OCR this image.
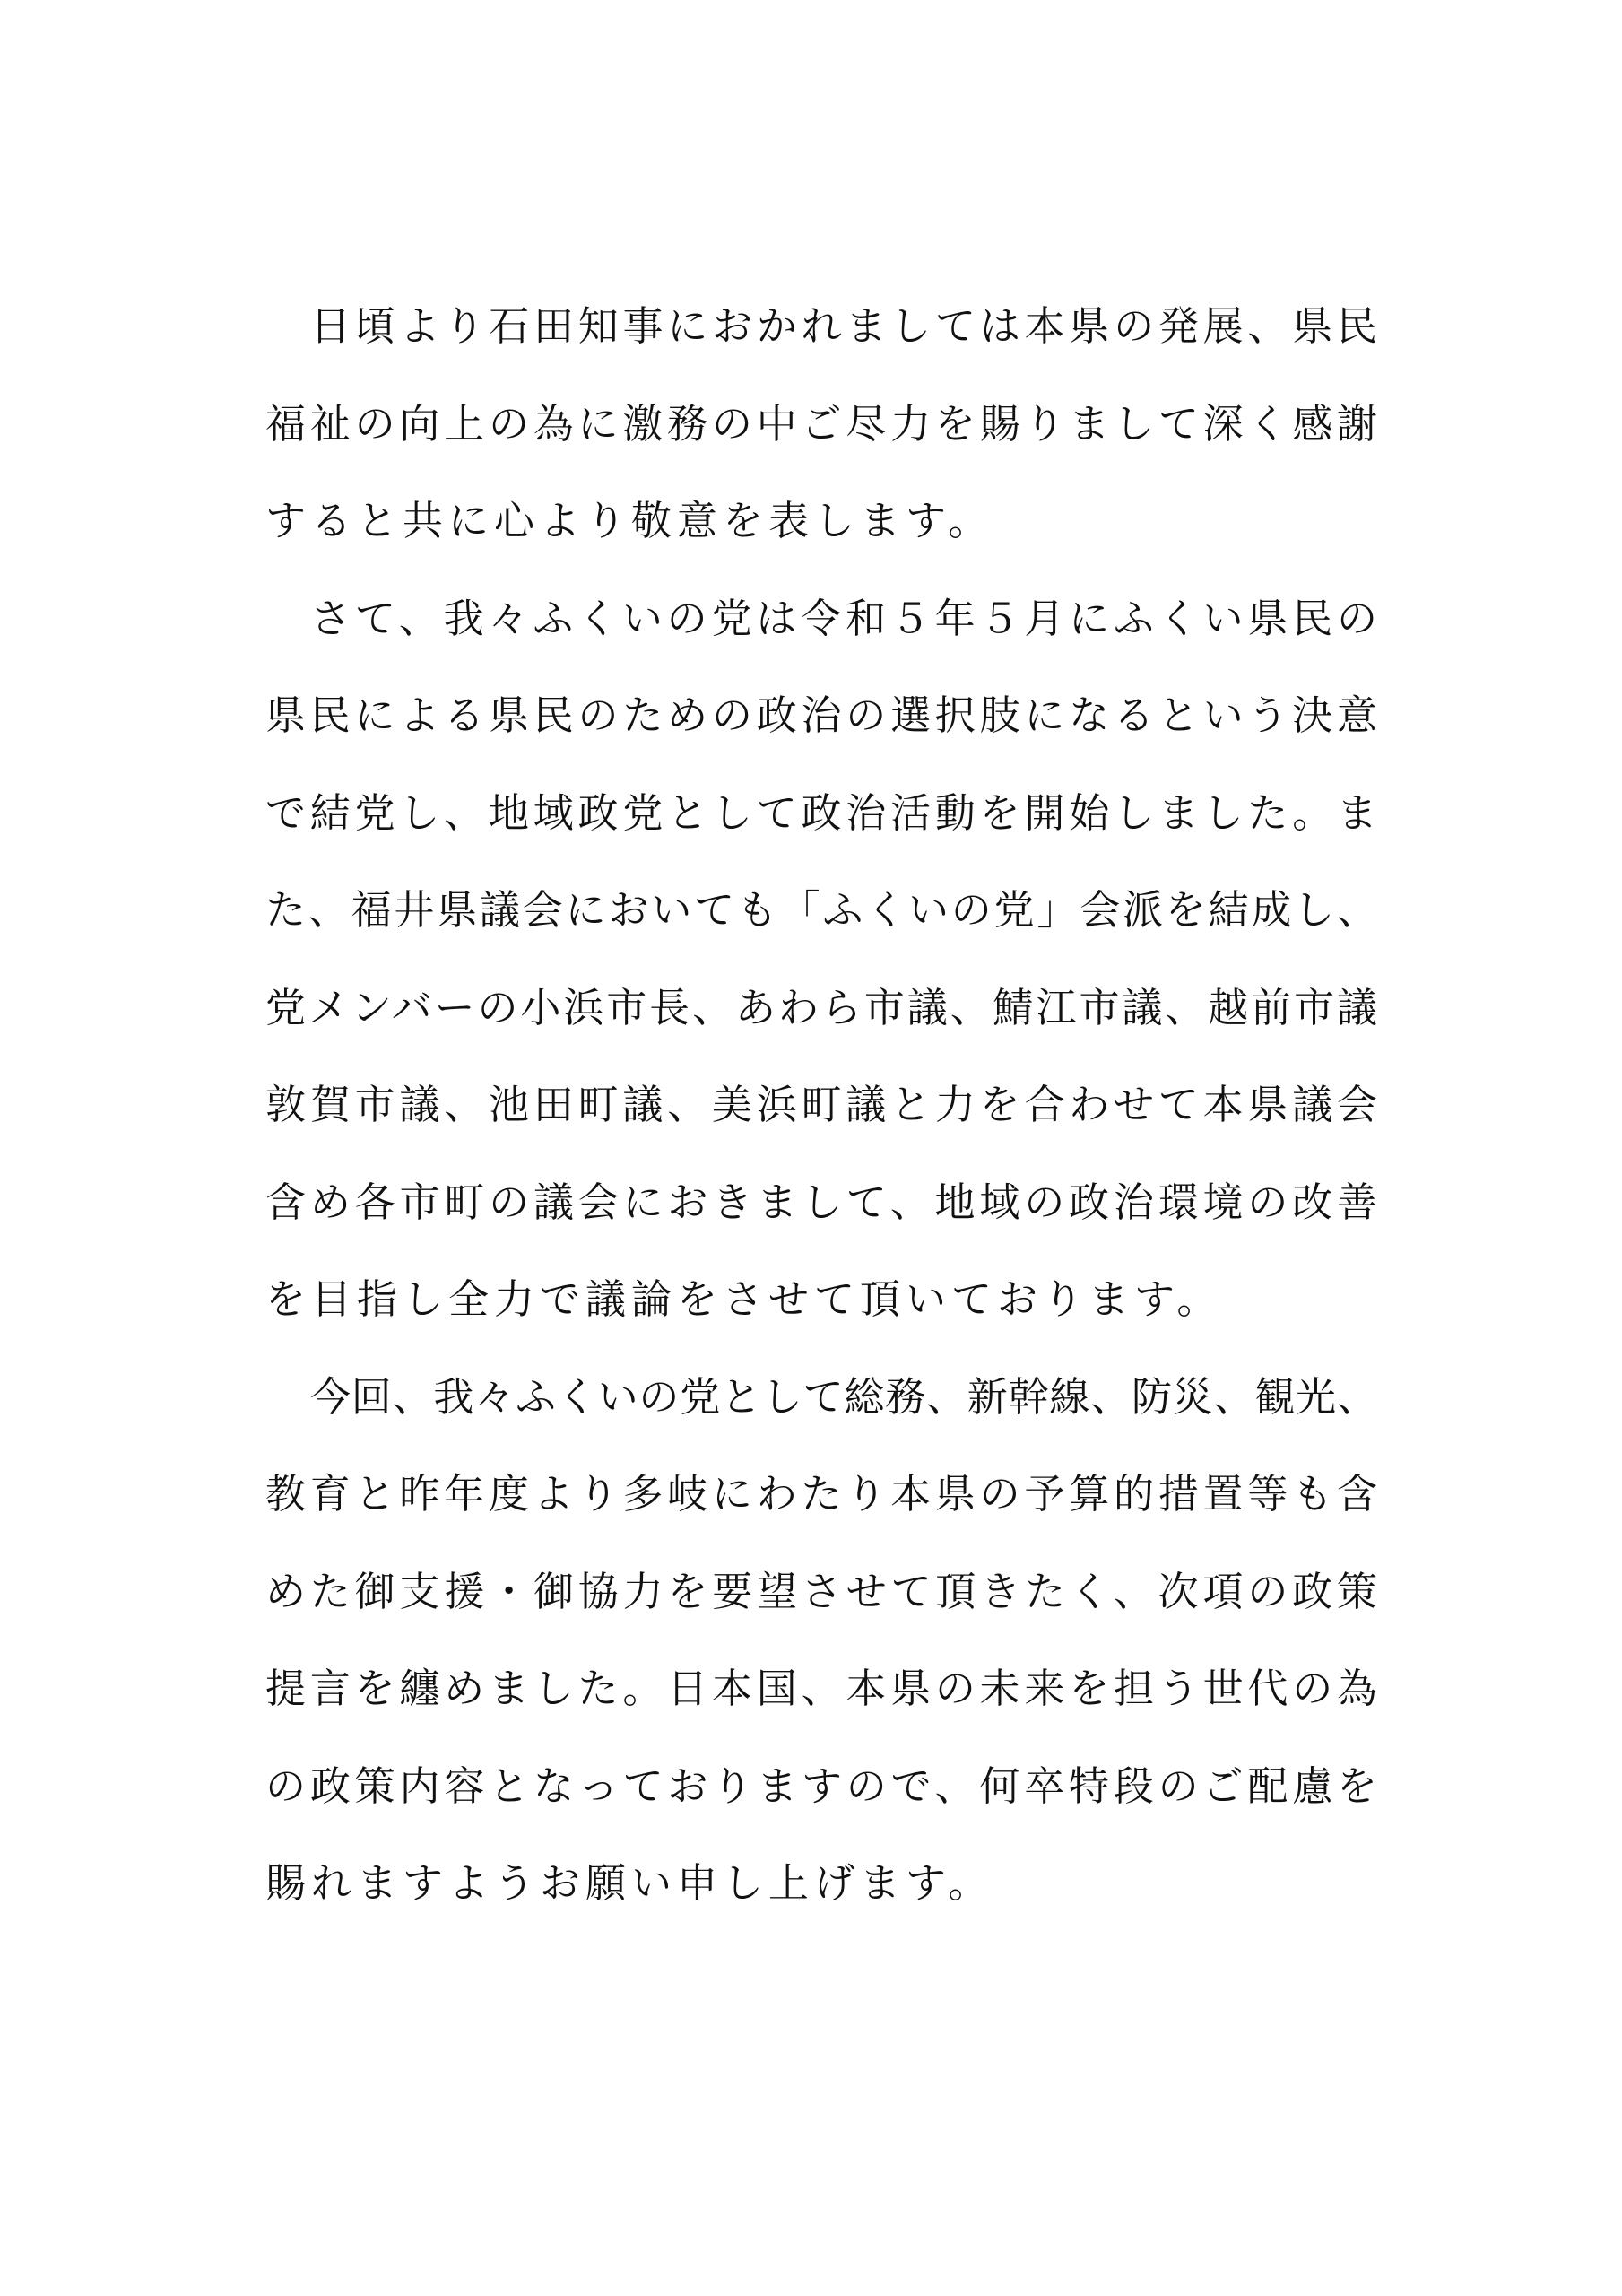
日頃より石田知事におかれましては本県の発展、県民
福祉の向上の為に激務の中ご尽力を賜りまして深く感謝
すると共に心より敬意を表します。
さて、我々ふくいの党は令和５年５月にふくい県民の
県民による県民のための政治の選択肢になるという決意
で結党し、地域政党として政治活動を開始しました。ま
た、福井県議会においても「ふくいの党」会派を結成し、
党メンバーの小浜市長、あわら市議、鯖江市議、越前市議
敦賀市議、池田町議、美浜町議と力を合わせて本県議会
含め各市町の議会におきまして、地域の政治環境の改善
を目指し全力で議論をさせて頂いております。
今回、我々ふくいの党として総務、新幹線、防災、観光、
教育と昨年度より多岐にわたり本県の予算的措置等も含
めた御支援・御協力を要望させて頂きたく、次項の政策
提言を纏めました。日本国、本県の未来を担う世代の為
の政策内容となっておりますので、何卒特段のご配慮を
賜れますようお願い申し上げます。
